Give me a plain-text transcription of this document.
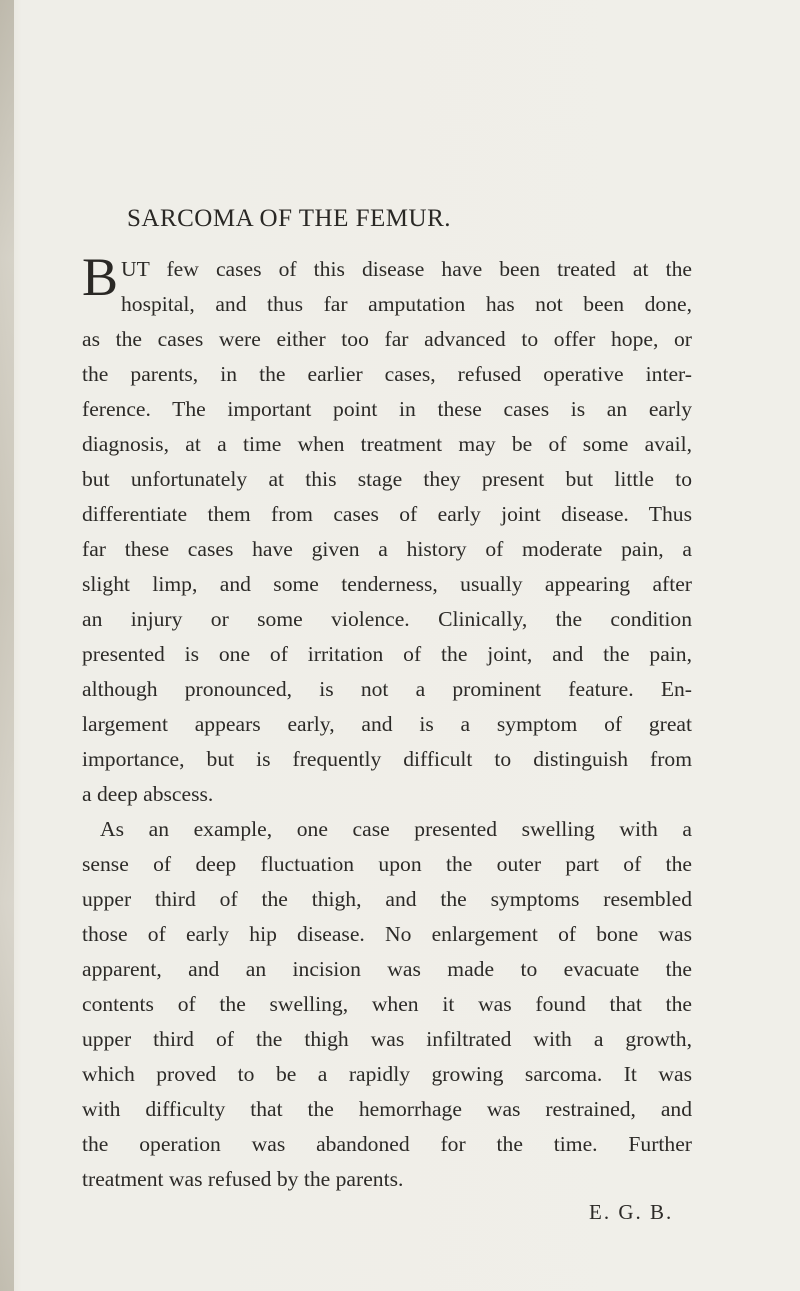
SARCOMA OF THE FEMUR.
B UT few cases of this disease have been treated at the
hospital, and thus far amputation has not been done,
as the cases were either too far advanced to offer hope, or
the parents, in the earlier cases, refused operative inter-
ference. The important point in these cases is an early
diagnosis, at a time when treatment may be of some avail,
but unfortunately at this stage they present but little to
differentiate them from cases of early joint disease. Thus
far these cases have given a history of moderate pain, a
slight limp, and some tenderness, usually appearing after
an injury or some violence. Clinically, the condition
presented is one of irritation of the joint, and the pain,
although pronounced, is not a prominent feature. En-
largement appears early, and is a symptom of great
importance, but is frequently difficult to distinguish from
a deep abscess.
As an example, one case presented swelling with a
sense of deep fluctuation upon the outer part of the
upper third of the thigh, and the symptoms resembled
those of early hip disease. No enlargement of bone was
apparent, and an incision was made to evacuate the
contents of the swelling, when it was found that the
upper third of the thigh was infiltrated with a growth,
which proved to be a rapidly growing sarcoma. It was
with difficulty that the hemorrhage was restrained, and
the operation was abandoned for the time. Further
treatment was refused by the parents.
E. G. B.
